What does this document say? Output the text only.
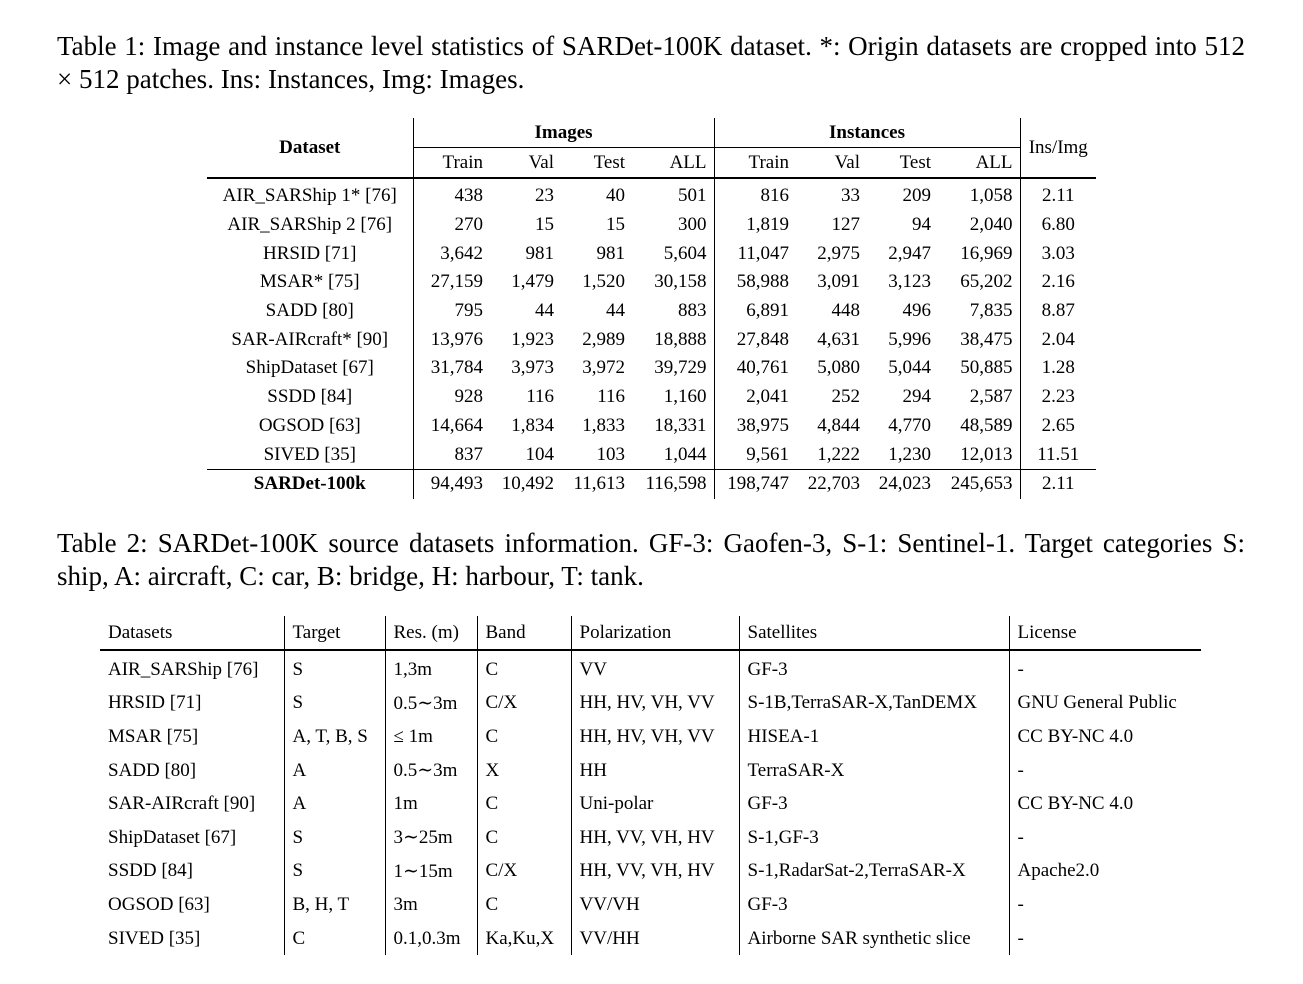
Table 1: Image and instance level statistics of SARDet-100K dataset. *: Origin datasets are cropped into 512 × 512 patches. Ins: Instances, Img: Images.
Dataset	Images				Instances				Ins/Img
	Train	Val	Test	ALL	Train	Val	Test	ALL	
AIR_SARShip 1* [76]	438	23	40	501	816	33	209	1,058	2.11
AIR_SARShip 2 [76]	270	15	15	300	1,819	127	94	2,040	6.80
HRSID [71]	3,642	981	981	5,604	11,047	2,975	2,947	16,969	3.03
MSAR* [75]	27,159	1,479	1,520	30,158	58,988	3,091	3,123	65,202	2.16
SADD [80]	795	44	44	883	6,891	448	496	7,835	8.87
SAR-AIRcraft* [90]	13,976	1,923	2,989	18,888	27,848	4,631	5,996	38,475	2.04
ShipDataset [67]	31,784	3,973	3,972	39,729	40,761	5,080	5,044	50,885	1.28
SSDD [84]	928	116	116	1,160	2,041	252	294	2,587	2.23
OGSOD [63]	14,664	1,834	1,833	18,331	38,975	4,844	4,770	48,589	2.65
SIVED [35]	837	104	103	1,044	9,561	1,222	1,230	12,013	11.51
SARDet-100k	94,493	10,492	11,613	116,598	198,747	22,703	24,023	245,653	2.11
Table 2: SARDet-100K source datasets information. GF-3: Gaofen-3, S-1: Sentinel-1. Target categories S: ship, A: aircraft, C: car, B: bridge, H: harbour, T: tank.
Datasets	Target	Res. (m)	Band	Polarization	Satellites	License
AIR_SARShip [76]	S	1,3m	C	VV	GF-3	-
HRSID [71]	S	0.5∼3m	C/X	HH, HV, VH, VV	S-1B,TerraSAR-X,TanDEMX	GNU General Public
MSAR [75]	A, T, B, S	≤ 1m	C	HH, HV, VH, VV	HISEA-1	CC BY-NC 4.0
SADD [80]	A	0.5∼3m	X	HH	TerraSAR-X	-
SAR-AIRcraft [90]	A	1m	C	Uni-polar	GF-3	CC BY-NC 4.0
ShipDataset [67]	S	3∼25m	C	HH, VV, VH, HV	S-1,GF-3	-
SSDD [84]	S	1∼15m	C/X	HH, VV, VH, HV	S-1,RadarSat-2,TerraSAR-X	Apache2.0
OGSOD [63]	B, H, T	3m	C	VV/VH	GF-3	-
SIVED [35]	C	0.1,0.3m	Ka,Ku,X	VV/HH	Airborne SAR synthetic slice	-
